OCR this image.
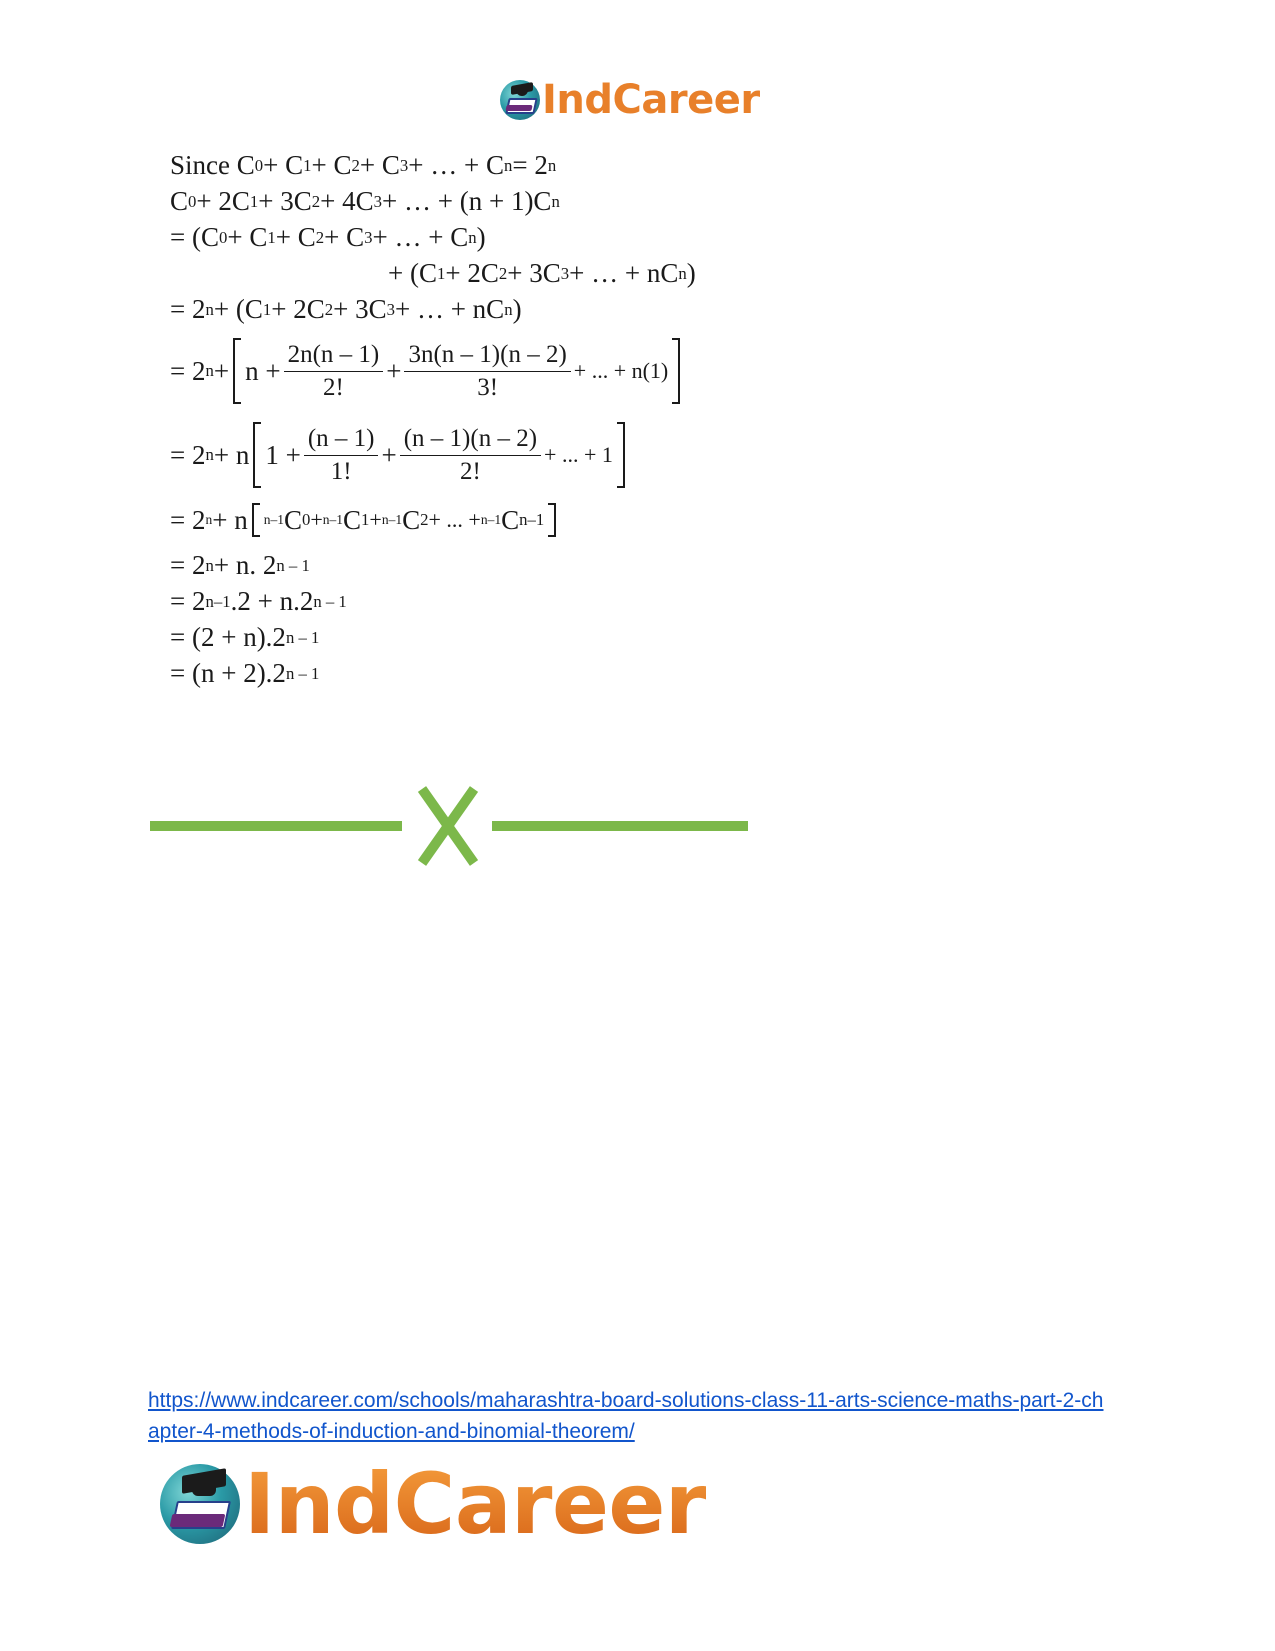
IndCareer
Since C 0 + C 1 + C 2 + C 3 + … + C n = 2 n
C 0 + 2C 1 + 3C 2 + 4C 3 + … + (n + 1)C n
= (C 0 + C 1 + C 2 + C 3 + … + C n )
+ (C 1 + 2C 2 + 3C 3 + … + nC n )
= 2 n + (C 1 + 2C 2 + 3C 3 + … + nC n )
= 2 $n + n + \frac{2n(n - 1)}{2!} + \frac{3n(n - 1)(n - 2)}{3!}$ + ... + n(1)
= 2 n + n $1 + \frac{(n - 1)}{1!} + \frac{(n - 1)(n - 2)}{2!}$ + ... + 1
= 2 n + n n–1 C 0 + n–1 C 1 + n–1 C 2 + ... + n–1 C n–1
= 2 n + n. 2 n – 1
= 2 n–1 .2 + n.2 n – 1
= (2 + n).2 n – 1
= (n + 2).2 n – 1
https://www.indcareer.com/schools/maharashtra-board-solutions-class-11-arts-science-maths-part-2-chapter-4-methods-of-induction-and-binomial-theorem/
IndCareer
